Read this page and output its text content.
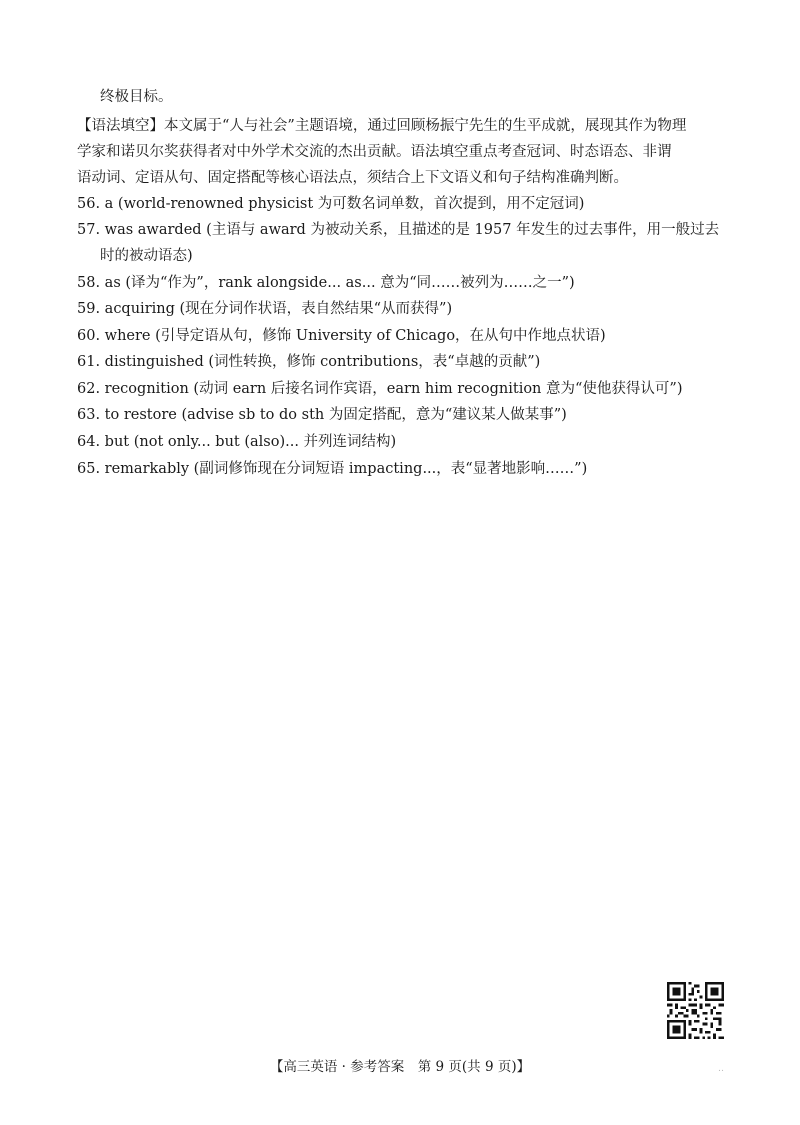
终极目标。
【语法填空】本文属于“人与社会”主题语境，通过回顾杨振宁先生的生平成就，展现其作为物理
学家和诺贝尔奖获得者对中外学术交流的杰出贡献。语法填空重点考查冠词、时态语态、非谓
语动词、定语从句、固定搭配等核心语法点，须结合上下文语义和句子结构准确判断。
56. a (world-renowned physicist 为可数名词单数，首次提到，用不定冠词)
57. was awarded (主语与 award 为被动关系，且描述的是 1957 年发生的过去事件，用一般过去
时的被动语态)
58. as (译为“作为”，rank alongside... as... 意为“同……被列为……之一”)
59. acquiring (现在分词作状语，表自然结果“从而获得”)
60. where (引导定语从句，修饰 University of Chicago，在从句中作地点状语)
61. distinguished (词性转换，修饰 contributions，表“卓越的贡献”)
62. recognition (动词 earn 后接名词作宾语，earn him recognition 意为“使他获得认可”)
63. to restore (advise sb to do sth 为固定搭配，意为“建议某人做某事”)
64. but (not only... but (also)... 并列连词结构)
65. remarkably (副词修饰现在分词短语 impacting...，表“显著地影响……”)
【高三英语 · 参考答案　第 9 页(共 9 页)】	‥
